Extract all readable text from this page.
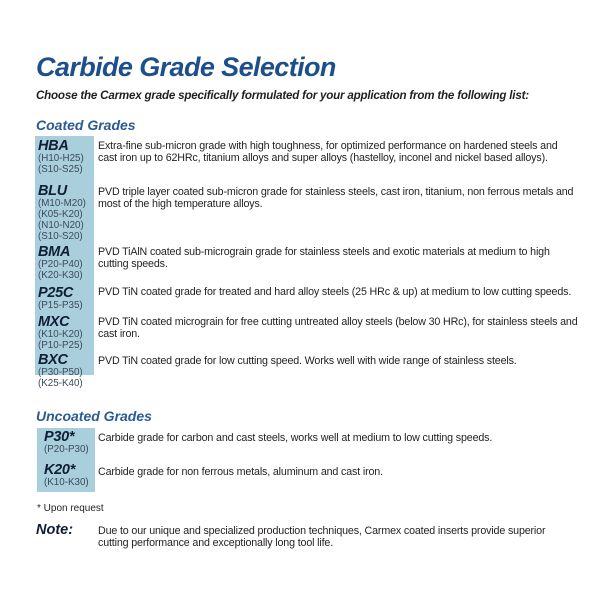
Carbide Grade Selection
Choose the Carmex grade specifically formulated for your application from the following list:
Coated Grades
HBA
(H10-H25)
(S10-S25)
Extra-fine sub-micron grade with high toughness, for optimized performance on hardened steels and cast iron up to 62HRc, titanium alloys and super alloys (hastelloy, inconel and nickel based alloys).
BLU
(M10-M20)
(K05-K20)
(N10-N20)
(S10-S20)
PVD triple layer coated sub-micron grade for stainless steels, cast iron, titanium, non ferrous metals and most of the high temperature alloys.
BMA
(P20-P40)
(K20-K30)
PVD TiAlN coated sub-micrograin grade for stainless steels and exotic materials at medium to high cutting speeds.
P25C
(P15-P35)
PVD TiN coated grade for treated and hard alloy steels (25 HRc & up) at medium to low cutting speeds.
MXC
(K10-K20)
(P10-P25)
PVD TiN coated micrograin for free cutting untreated alloy steels (below 30 HRc), for stainless steels and cast iron.
BXC
(P30-P50)
(K25-K40)
PVD TiN coated grade for low cutting speed. Works well with wide range of stainless steels.
Uncoated Grades
P30*
(P20-P30)
Carbide grade for carbon and cast steels, works well at medium to low cutting speeds.
K20*
(K10-K30)
Carbide grade for non ferrous metals, aluminum and cast iron.
* Upon request
Note: Due to our unique and specialized production techniques, Carmex coated inserts provide superior cutting performance and exceptionally long tool life.
